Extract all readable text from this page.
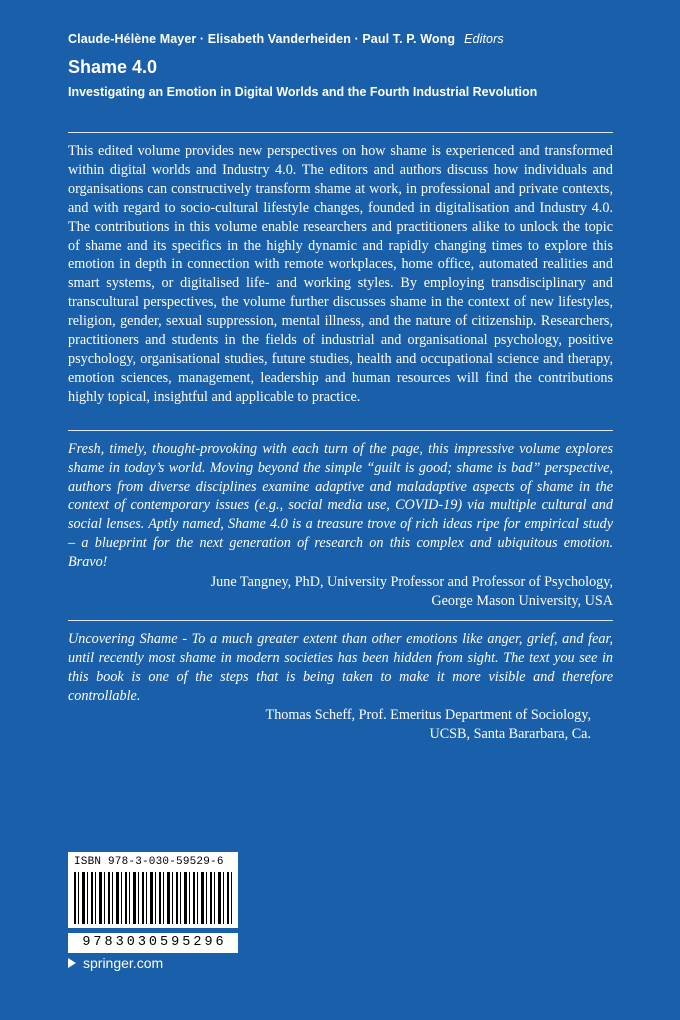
Claude-Hélène Mayer · Elisabeth Vanderheiden · Paul T. P. Wong Editors
Shame 4.0
Investigating an Emotion in Digital Worlds and the Fourth Industrial Revolution

This edited volume provides new perspectives on how shame is experienced and transformed within digital worlds and Industry 4.0. The editors and authors discuss how individuals and organisations can constructively transform shame at work, in professional and private contexts, and with regard to socio-cultural lifestyle changes, founded in digitalisation and Industry 4.0. The contributions in this volume enable researchers and practitioners alike to unlock the topic of shame and its specifics in the highly dynamic and rapidly changing times to explore this emotion in depth in connection with remote workplaces, home office, automated realities and smart systems, or digitalised life- and working styles. By employing transdisciplinary and transcultural perspectives, the volume further discusses shame in the context of new lifestyles, religion, gender, sexual suppression, mental illness, and the nature of citizenship. Researchers, practitioners and students in the fields of industrial and organisational psychology, positive psychology, organisational studies, future studies, health and occupational science and therapy, emotion sciences, management, leadership and human resources will find the contributions highly topical, insightful and applicable to practice.

Fresh, timely, thought-provoking with each turn of the page, this impressive volume explores shame in today’s world. Moving beyond the simple “guilt is good; shame is bad” perspective, authors from diverse disciplines examine adaptive and maladaptive aspects of shame in the context of contemporary issues (e.g., social media use, COVID-19) via multiple cultural and social lenses. Aptly named, Shame 4.0 is a treasure trove of rich ideas ripe for empirical study – a blueprint for the next generation of research on this complex and ubiquitous emotion. Bravo!

June Tangney, PhD, University Professor and Professor of Psychology,
George Mason University, USA

Uncovering Shame - To a much greater extent than other emotions like anger, grief, and fear, until recently most shame in modern societies has been hidden from sight. The text you see in this book is one of the steps that is being taken to make it more visible and therefore controllable.

Thomas Scheff, Prof. Emeritus Department of Sociology,
UCSB, Santa Bararbara, Ca.

ISBN 978-3-030-59529-6
9783030595296
springer.com
